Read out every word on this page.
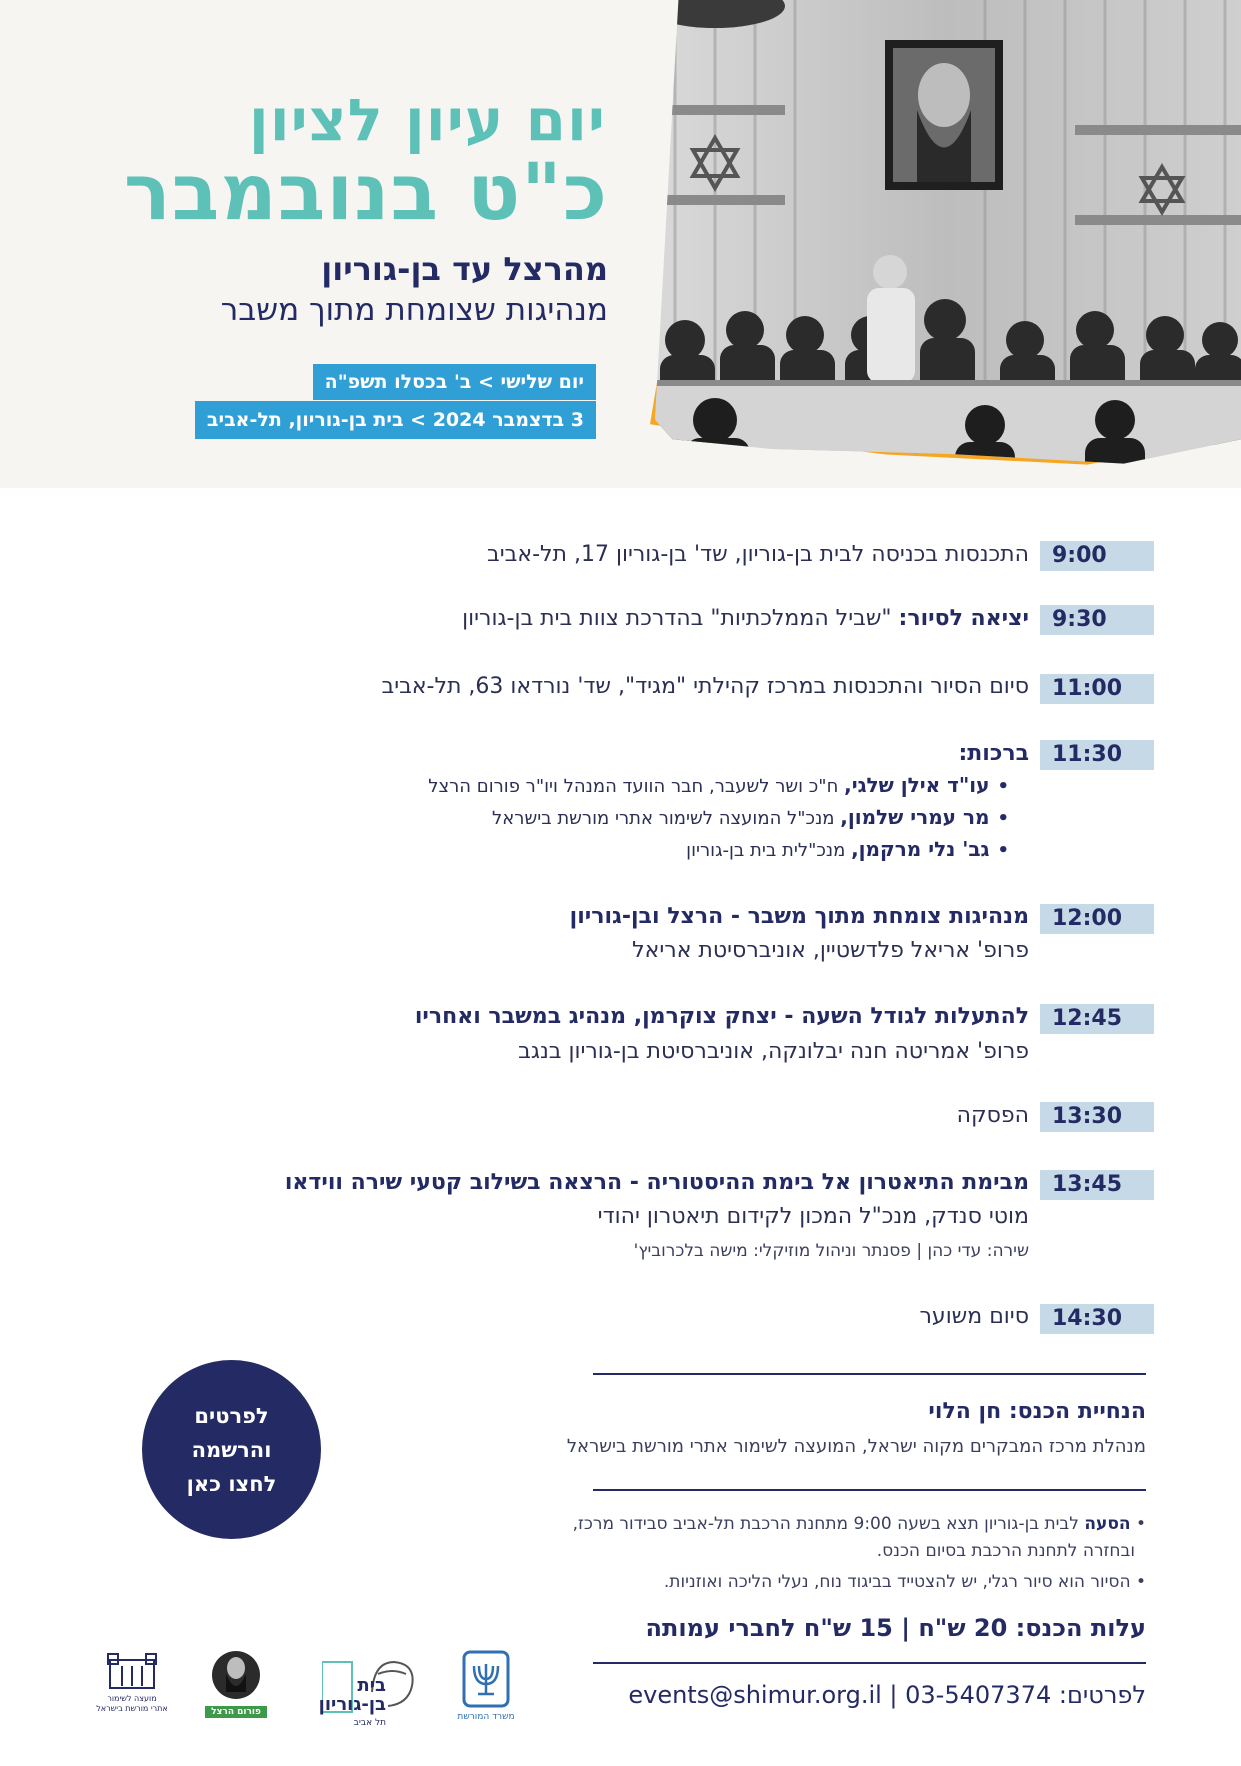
יום עיון לציון
כ"ט בנובמבר
מהרצל עד בן-גוריון
מנהיגות שצומחת מתוך משבר
יום שלישי > ב' בכסלו תשפ"ה
3 בדצמבר 2024 > בית בן-גוריון, תל-אביב
9:00
התכנסות בכניסה לבית בן-גוריון, שד' בן-גוריון 17, תל-אביב
9:30
יציאה לסיור: "שביל הממלכתיות" בהדרכת צוות בית בן-גוריון
11:00
סיום הסיור והתכנסות במרכז קהילתי "מגיד", שד' נורדאו 63, תל-אביב
11:30
ברכות:
•עו"ד אילן שלגי, ח"כ ושר לשעבר, חבר הוועד המנהל ויו"ר פורום הרצל
•מר עמרי שלמון, מנכ"ל המועצה לשימור אתרי מורשת בישראל
•גב' נלי מרקמן, מנכ"לית בית בן-גוריון
12:00
מנהיגות צומחת מתוך משבר - הרצל ובן-גוריון
פרופ' אריאל פלדשטיין, אוניברסיטת אריאל
12:45
להתעלות לגודל השעה - יצחק צוקרמן, מנהיג במשבר ואחריו
פרופ' אמריטה חנה יבלונקה, אוניברסיטת בן-גוריון בנגב
13:30
הפסקה
13:45
מבימת התיאטרון אל בימת ההיסטוריה - הרצאה בשילוב קטעי שירה ווידאו
מוטי סנדק, מנכ"ל המכון לקידום תיאטרון יהודי
שירה: עדי כהן | פסנתר וניהול מוזיקלי: מישה בלכרוביץ'
14:30
סיום משוער
לפרטים
והרשמה
לחצו כאן
הנחיית הכנס: חן הלוי
מנהלת מרכז המבקרים מקוה ישראל, המועצה לשימור אתרי מורשת בישראל
• הסעה לבית בן-גוריון תצא בשעה 9:00 מתחנת הרכבת תל-אביב סבידור מרכז,
ובחזרה לתחנת הרכבת בסיום הכנס.
• הסיור הוא סיור רגלי, יש להצטייד בביגוד נוח, נעלי הליכה ואוזניות.
עלות הכנס: 20 ש"ח | 15 ש"ח לחברי עמותה
לפרטים: events@shimur.org.il | 03-5407374
משרד המורשת
בית
בן-גוריון
תל אביב
פורום הרצל
מועצה לשימור
אתרי מורשת בישראל
